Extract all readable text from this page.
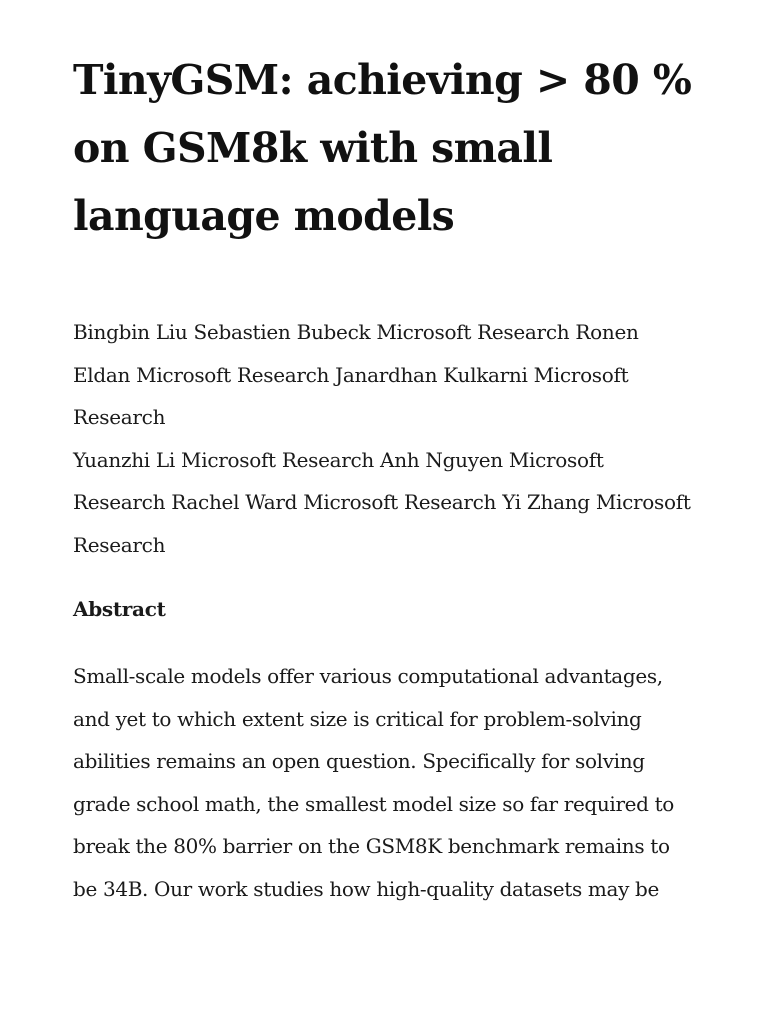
TinyGSM: achieving > 80 % on GSM8k with small language models

Bingbin Liu Sebastien Bubeck Microsoft Research Ronen Eldan Microsoft Research Janardhan Kulkarni Microsoft Research

Yuanzhi Li Microsoft Research Anh Nguyen Microsoft Research Rachel Ward Microsoft Research Yi Zhang Microsoft Research

Abstract

Small-scale models offer various computational advantages, and yet to which extent size is critical for problem-solving abilities remains an open question. Specifically for solving grade school math, the smallest model size so far required to break the 80% barrier on the GSM8K benchmark remains to be 34B. Our work studies how high-quality datasets may be
